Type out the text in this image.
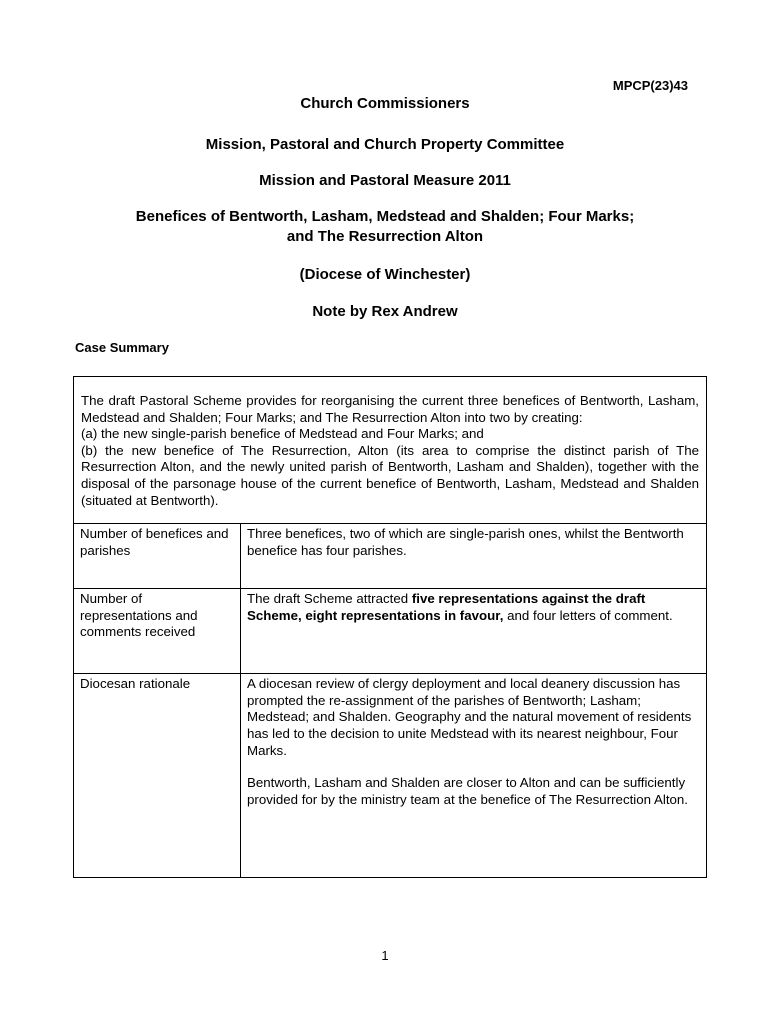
MPCP(23)43
Church Commissioners
Mission, Pastoral and Church Property Committee
Mission and Pastoral Measure 2011
Benefices of Bentworth, Lasham, Medstead and Shalden; Four Marks;
and The Resurrection Alton
(Diocese of Winchester)
Note by Rex Andrew
Case Summary
The draft Pastoral Scheme provides for reorganising the current three benefices of Bentworth, Lasham, Medstead and Shalden; Four Marks; and The Resurrection Alton into two by creating:
(a) the new single-parish benefice of Medstead and Four Marks; and
(b) the new benefice of The Resurrection, Alton (its area to comprise the distinct parish of The Resurrection Alton, and the newly united parish of Bentworth, Lasham and Shalden), together with the disposal of the parsonage house of the current benefice of Bentworth, Lasham, Medstead and Shalden (situated at Bentworth).	

Number of benefices and parishes	Three benefices, two of which are single-parish ones, whilst the Bentworth benefice has four parishes.
Number of representations and comments received	The draft Scheme attracted five representations against the draft Scheme, eight representations in favour, and four letters of comment.
Diocesan rationale	A diocesan review of clergy deployment and local deanery discussion has prompted the re-assignment of the parishes of Bentworth; Lasham; Medstead; and Shalden. Geography and the natural movement of residents has led to the decision to unite Medstead with its nearest neighbour, Four Marks.

Bentworth, Lasham and Shalden are closer to Alton and can be sufficiently provided for by the ministry team at the benefice of The Resurrection Alton.

1
